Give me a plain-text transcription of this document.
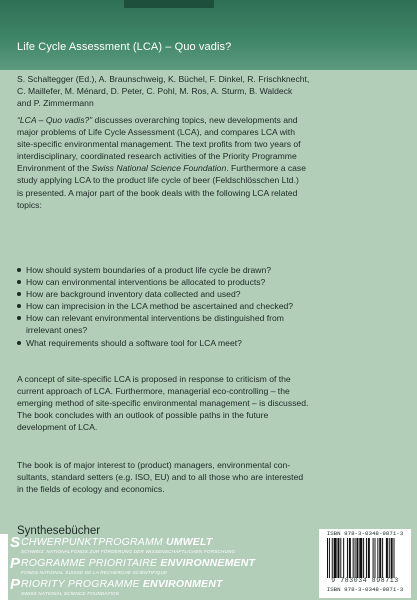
Life Cycle Assessment (LCA) – Quo vadis?
S. Schaltegger (Ed.), A. Braunschweig, K. Büchel, F. Dinkel, R. Frischknecht,
C. Maillefer, M. Ménard, D. Peter, C. Pohl, M. Ros, A. Sturm, B. Waldeck
and P. Zimmermann
“LCA – Quo vadis?” discusses overarching topics, new developments and
major problems of Life Cycle Assessment (LCA), and compares LCA with
site-specific environmental management. The text profits from two years of
interdisciplinary, coordinated research activities of the Priority Programme
Environment of the Swiss National Science Foundation. Furthermore a case
study applying LCA to the product life cycle of beer (Feldschlösschen Ltd.)
is presented. A major part of the book deals with the following LCA related
topics:
How should system boundaries of a product life cycle be drawn?
How can environmental interventions be allocated to products?
How are background inventory data collected and used?
How can imprecision in the LCA method be ascertained and checked?
How can relevant environmental interventions be distinguished from
irrelevant ones?
What requirements should a software tool for LCA meet?
A concept of site-specific LCA is proposed in response to criticism of the
current approach of LCA. Furthermore, managerial eco-controlling – the
emerging method of site-specific environmental management – is discussed.
The book concludes with an outlook of possible paths in the future
development of LCA.
The book is of major interest to (product) managers, environmental con-
sultants, standard setters (e.g. ISO, EU) and to all those who are interested
in the fields of ecology and economics.
Synthesebücher
S
P
P
CHWERPUNKTPROGRAMM UMWELT
SCHWEIZ. NATIONALFONDS ZUR FÖRDERUNG DER WISSENSCHAFTLICHEN FORSCHUNG
ROGRAMME PRIORITAIRE ENVIRONNEMENT
FONDS NATIONAL SUISSE DE LA RECHERCHE SCIENTIFIQUE
RIORITY PROGRAMME ENVIRONMENT
SWISS NATIONAL SCIENCE FOUNDATION
ISBN 978-3-0348-9871-3
9 783034 898713
ISBN 978-3-0348-9871-3
